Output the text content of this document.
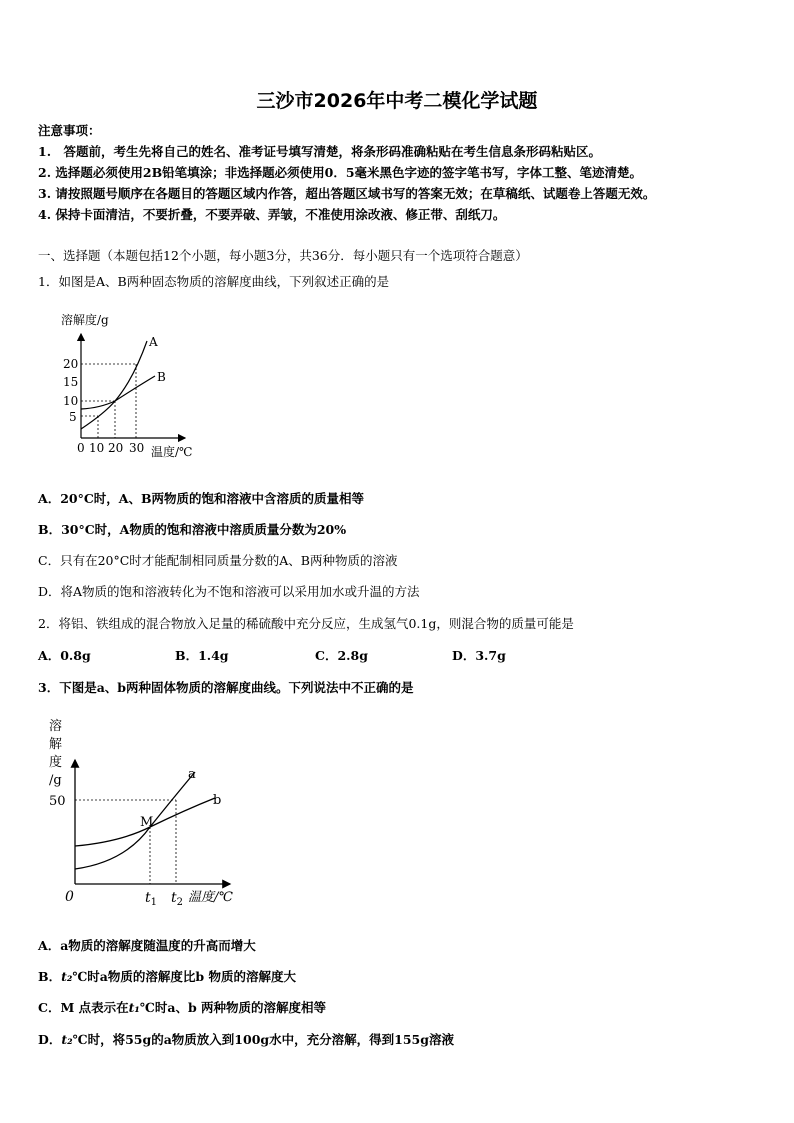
三沙市2026年中考二模化学试题
注意事项：
1.　答题前，考生先将自己的姓名、准考证号填写清楚，将条形码准确粘贴在考生信息条形码粘贴区。
2. 选择题必须使用2B铅笔填涂；非选择题必须使用0．5毫米黑色字迹的签字笔书写，字体工整、笔迹清楚。
3. 请按照题号顺序在各题目的答题区域内作答，超出答题区域书写的答案无效；在草稿纸、试题卷上答题无效。
4. 保持卡面清洁，不要折叠，不要弄破、弄皱，不准使用涂改液、修正带、刮纸刀。
一、选择题（本题包括12个小题，每小题3分，共36分．每小题只有一个选项符合题意）
1．如图是A、B两种固态物质的溶解度曲线，下列叙述正确的是
溶解度/g
A
B
20
15
10
5
0 10 20 30 温度/℃
A．20°C时，A、B两物质的饱和溶液中含溶质的质量相等
B．30°C时，A物质的饱和溶液中溶质质量分数为20%
C．只有在20°C时才能配制相同质量分数的A、B两种物质的溶液
D．将A物质的饱和溶液转化为不饱和溶液可以采用加水或升温的方法
2．将铝、铁组成的混合物放入足量的稀硫酸中充分反应，生成氢气0.1g，则混合物的质量可能是
A．0.8g	B．1.4g	C．2.8g	D．3.7g
3．下图是a、b两种固体物质的溶解度曲线。下列说法中不正确的是
溶
解
度
/g
50
a
b
M
0	$t_1$ $t_2$ 温度/℃
A．a物质的溶解度随温度的升高而增大
B．t₂℃时a物质的溶解度比b 物质的溶解度大
C．M 点表示在t₁℃时a、b 两种物质的溶解度相等
D．t₂℃时，将55g的a物质放入到100g水中，充分溶解，得到155g溶液
